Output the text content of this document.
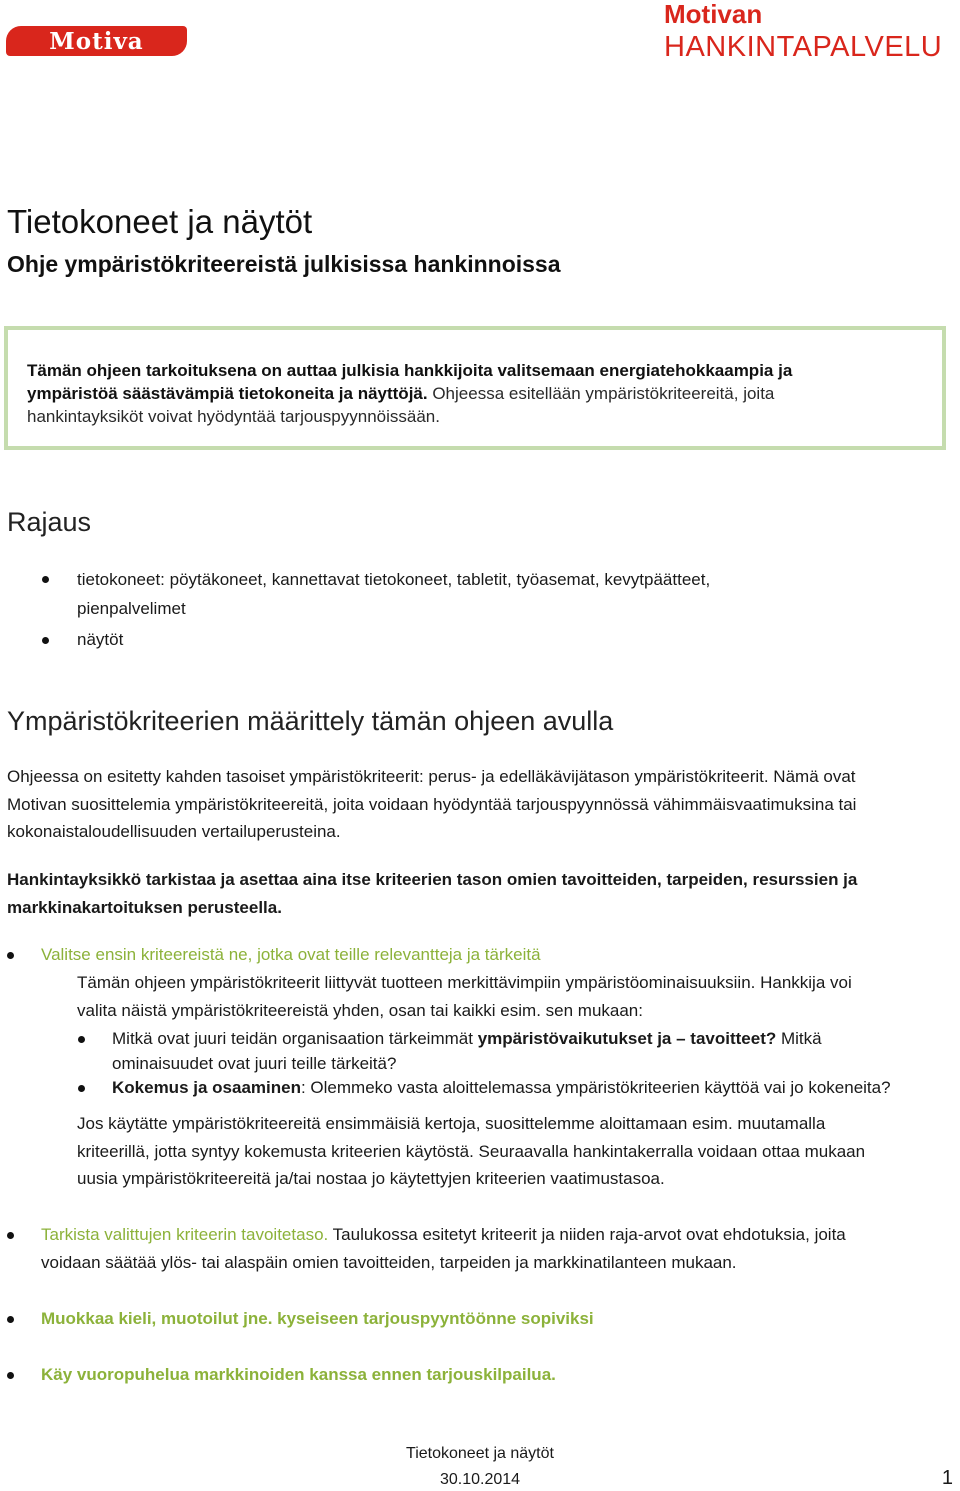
Motiva
Motivan
HANKINTAPALVELU
Tietokoneet ja näytöt
Ohje ympäristökriteereistä julkisissa hankinnoissa
Tämän ohjeen tarkoituksena on auttaa julkisia hankkijoita valitsemaan energiatehokkaampia ja
ympäristöä säästävämpiä tietokoneita ja näyttöjä. Ohjeessa esitellään ympäristökriteereitä, joita
hankintayksiköt voivat hyödyntää tarjouspyynnöissään.
Rajaus
tietokoneet: pöytäkoneet, kannettavat tietokoneet, tabletit, työasemat, kevytpäätteet,
pienpalvelimet
näytöt
Ympäristökriteerien määrittely tämän ohjeen avulla
Ohjeessa on esitetty kahden tasoiset ympäristökriteerit: perus- ja edelläkävijätason ympäristökriteerit. Nämä ovat
Motivan suosittelemia ympäristökriteereitä, joita voidaan hyödyntää tarjouspyynnössä vähimmäisvaatimuksina tai
kokonaistaloudellisuuden vertailuperusteina.
Hankintayksikkö tarkistaa ja asettaa aina itse kriteerien tason omien tavoitteiden, tarpeiden, resurssien ja
markkinakartoituksen perusteella.
Valitse ensin kriteereistä ne, jotka ovat teille relevantteja ja tärkeitä
Tämän ohjeen ympäristökriteerit liittyvät tuotteen merkittävimpiin ympäristöominaisuuksiin. Hankkija voi
valita näistä ympäristökriteereistä yhden, osan tai kaikki esim. sen mukaan:
Mitkä ovat juuri teidän organisaation tärkeimmät ympäristövaikutukset ja – tavoitteet? Mitkä
ominaisuudet ovat juuri teille tärkeitä?
Kokemus ja osaaminen: Olemmeko vasta aloittelemassa ympäristökriteerien käyttöä vai jo kokeneita?
Jos käytätte ympäristökriteereitä ensimmäisiä kertoja, suosittelemme aloittamaan esim. muutamalla
kriteerillä, jotta syntyy kokemusta kriteerien käytöstä. Seuraavalla hankintakerralla voidaan ottaa mukaan
uusia ympäristökriteereitä ja/tai nostaa jo käytettyjen kriteerien vaatimustasoa.
Tarkista valittujen kriteerin tavoitetaso. Taulukossa esitetyt kriteerit ja niiden raja-arvot ovat ehdotuksia, joita
voidaan säätää ylös- tai alaspäin omien tavoitteiden, tarpeiden ja markkinatilanteen mukaan.
Muokkaa kieli, muotoilut jne. kyseiseen tarjouspyyntöönne sopiviksi
Käy vuoropuhelua markkinoiden kanssa ennen tarjouskilpailua.
Tietokoneet ja näytöt
30.10.2014	1
